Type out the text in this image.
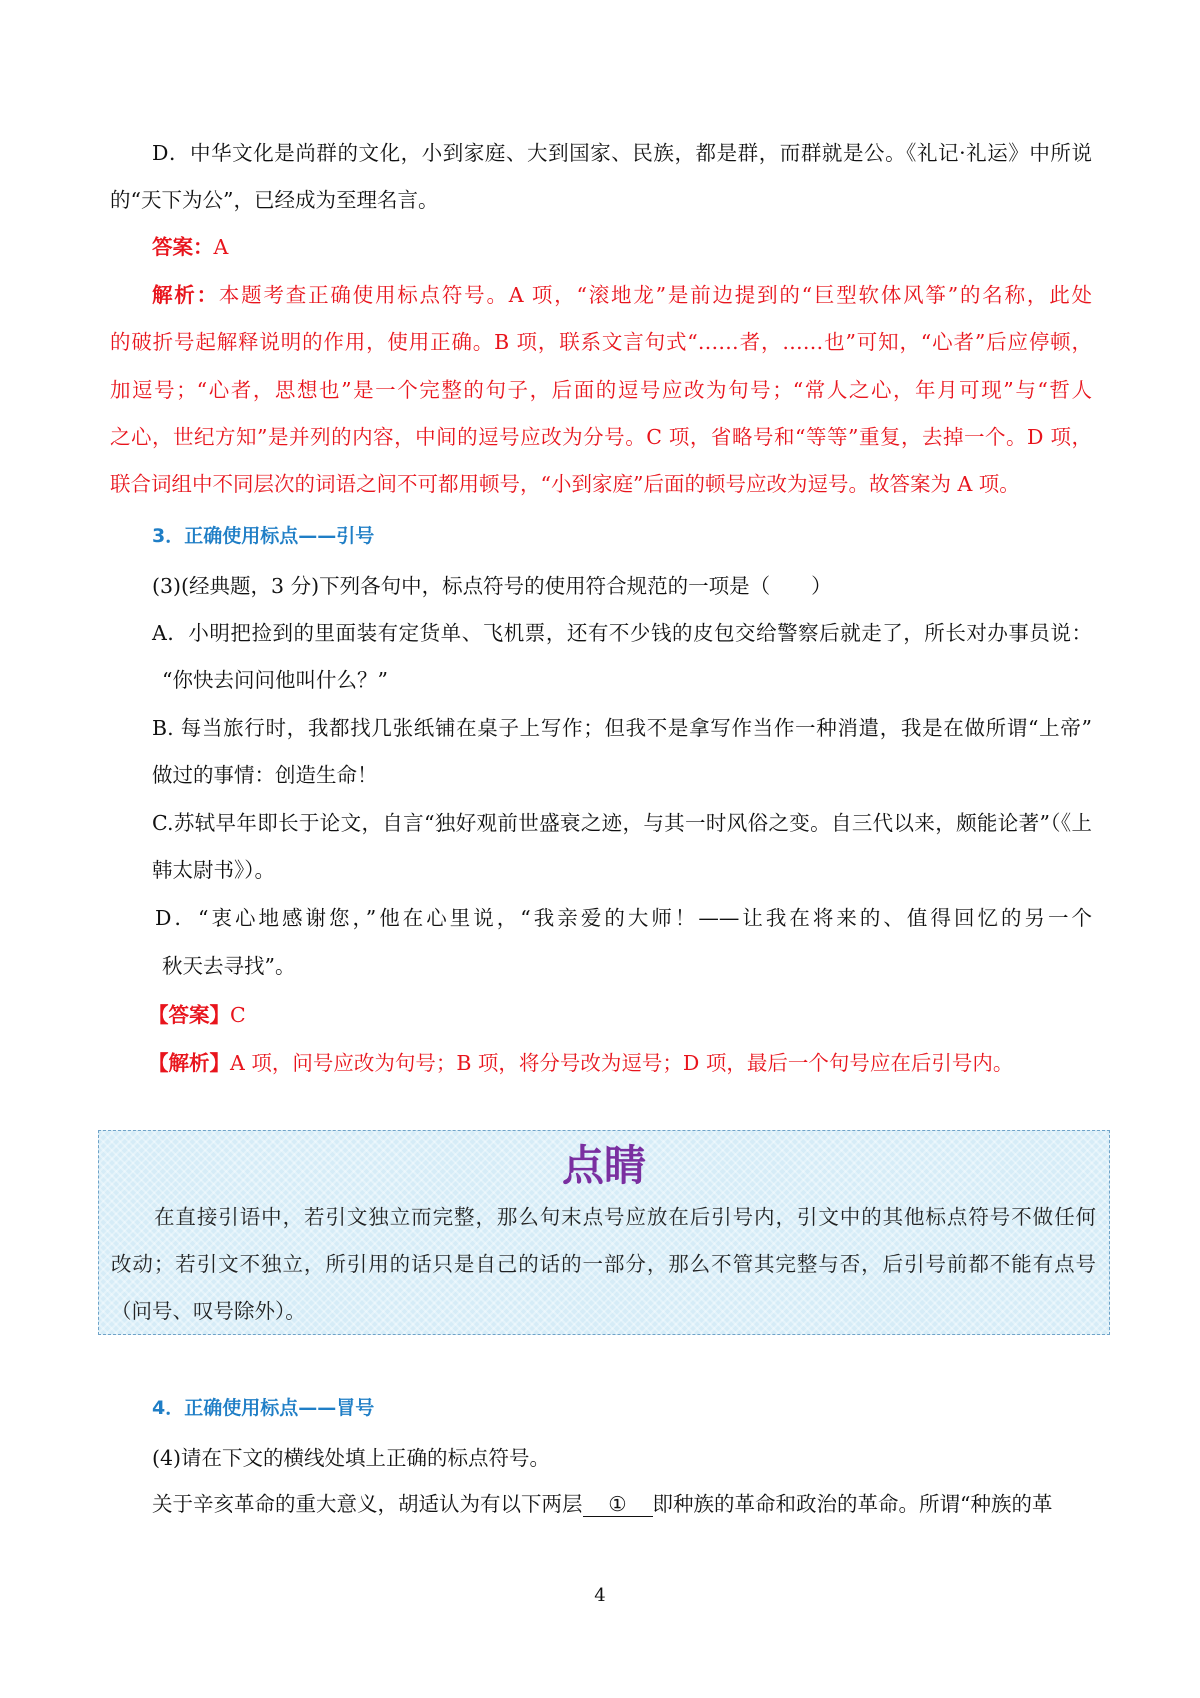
D．中华文化是尚群的文化，小到家庭、大到国家、民族，都是群，而群就是公。《礼记·礼运》中所说
的“天下为公”，已经成为至理名言。
答案：A
解析：本题考查正确使用标点符号。A 项，“滚地龙”是前边提到的“巨型软体风筝”的名称，此处
的破折号起解释说明的作用，使用正确。B 项，联系文言句式“……者，……也”可知，“心者”后应停顿，
加逗号；“心者，思想也”是一个完整的句子，后面的逗号应改为句号；“常人之心，年月可现”与“哲人
之心，世纪方知”是并列的内容，中间的逗号应改为分号。C 项，省略号和“等等”重复，去掉一个。D 项，
联合词组中不同层次的词语之间不可都用顿号，“小到家庭”后面的顿号应改为逗号。故答案为 A 项。
3．正确使用标点——引号
(3)(经典题，3 分)下列各句中，标点符号的使用符合规范的一项是（　　）
A．小明把捡到的里面装有定货单、飞机票，还有不少钱的皮包交给警察后就走了，所长对办事员说：
“你快去问问他叫什么？”
B. 每当旅行时，我都找几张纸铺在桌子上写作；但我不是拿写作当作一种消遣，我是在做所谓“上帝”
做过的事情：创造生命！
C.苏轼早年即长于论文，自言“独好观前世盛衰之迹，与其一时风俗之变。自三代以来，颇能论著”（《上
韩太尉书》）。
D．“衷心地感谢您，”他在心里说，“我亲爱的大师！——让我在将来的、值得回忆的另一个
秋天去寻找”。
【答案】C
【解析】A 项，问号应改为句号；B 项，将分号改为逗号；D 项，最后一个句号应在后引号内。
点睛
在直接引语中，若引文独立而完整，那么句末点号应放在后引号内，引文中的其他标点符号不做任何
改动；若引文不独立，所引用的话只是自己的话的一部分，那么不管其完整与否，后引号前都不能有点号
（问号、叹号除外）。
4．正确使用标点——冒号
(4)请在下文的横线处填上正确的标点符号。
关于辛亥革命的重大意义，胡适认为有以下两层 ① 即种族的革命和政治的革命。所谓“种族的革
4
